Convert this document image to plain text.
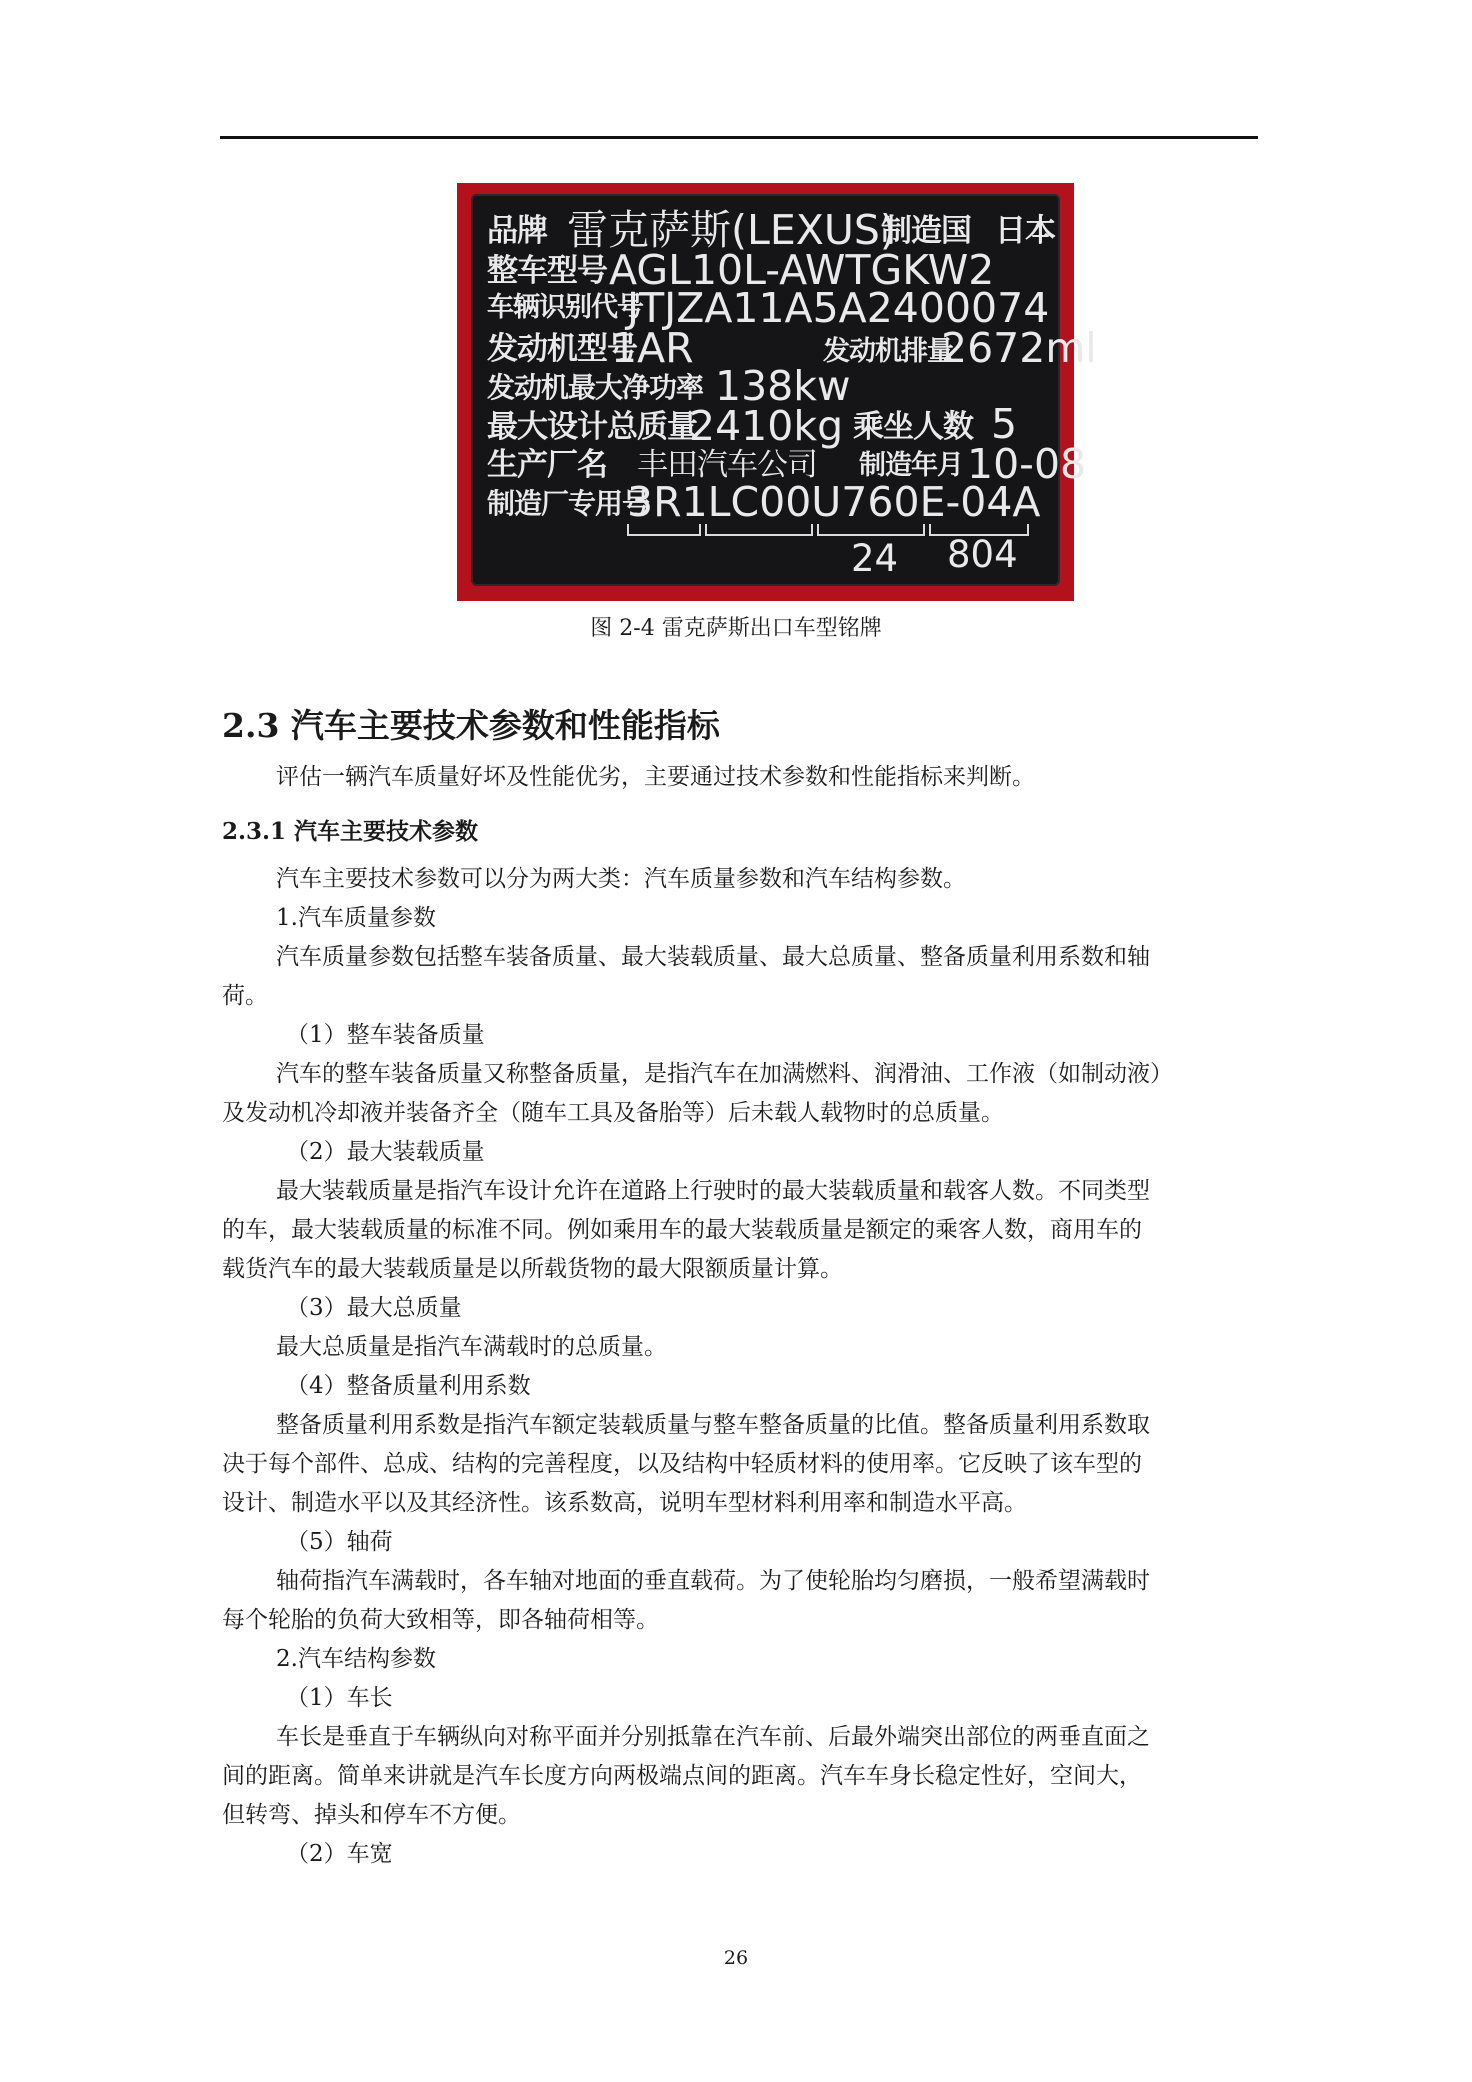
品牌 雷克萨斯(LEXUS)
制造国 日本
整车型号 AGL10L-AWTGKW2
车辆识别代号
JTJZA11A5A2400074
发动机型号
1AR	发动机排量
2672ml
发动机最大净功率 138kw
最大设计总质量
2410kg 乘坐人数 5
生产厂名 丰田汽车公司 制造年月 10-08
制造厂专用号
3R1LC00U760E-04A
24 804
图 2-4 雷克萨斯出口车型铭牌
2.3 汽车主要技术参数和性能指标
评估一辆汽车质量好坏及性能优劣，主要通过技术参数和性能指标来判断。
2.3.1 汽车主要技术参数
汽车主要技术参数可以分为两大类：汽车质量参数和汽车结构参数。
1.汽车质量参数
汽车质量参数包括整车装备质量、最大装载质量、最大总质量、整备质量利用系数和轴
荷。
（1）整车装备质量
汽车的整车装备质量又称整备质量，是指汽车在加满燃料、润滑油、工作液（如制动液）
及发动机冷却液并装备齐全（随车工具及备胎等）后未载人载物时的总质量。
（2）最大装载质量
最大装载质量是指汽车设计允许在道路上行驶时的最大装载质量和载客人数。不同类型
的车，最大装载质量的标准不同。例如乘用车的最大装载质量是额定的乘客人数，商用车的
载货汽车的最大装载质量是以所载货物的最大限额质量计算。
（3）最大总质量
最大总质量是指汽车满载时的总质量。
（4）整备质量利用系数
整备质量利用系数是指汽车额定装载质量与整车整备质量的比值。整备质量利用系数取
决于每个部件、总成、结构的完善程度，以及结构中轻质材料的使用率。它反映了该车型的
设计、制造水平以及其经济性。该系数高，说明车型材料利用率和制造水平高。
（5）轴荷
轴荷指汽车满载时，各车轴对地面的垂直载荷。为了使轮胎均匀磨损，一般希望满载时
每个轮胎的负荷大致相等，即各轴荷相等。
2.汽车结构参数
（1）车长
车长是垂直于车辆纵向对称平面并分别抵靠在汽车前、后最外端突出部位的两垂直面之
间的距离。简单来讲就是汽车长度方向两极端点间的距离。汽车车身长稳定性好，空间大，
但转弯、掉头和停车不方便。
（2）车宽
26
